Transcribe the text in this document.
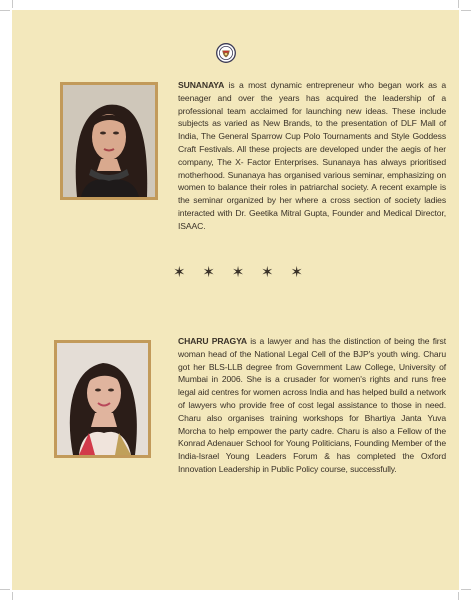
SUNANAYA is a most dynamic entrepreneur who began work as a teenager and over the years has acquired the leadership of a professional team acclaimed for launching new ideas. These include subjects as varied as New Brands, to the presentation of DLF Mall of India, The General Sparrow Cup Polo Tournaments and Style Goddess Craft Festivals. All these projects are developed under the aegis of her company, The X- Factor Enterprises. Sunanaya has always prioritised motherhood. Sunanaya has organised various seminar, emphasizing on women to balance their roles in patriarchal society. A recent example is the seminar organized by her where a cross section of society ladies interacted with Dr. Geetika Mitral Gupta, Founder and Medical Director, ISAAC.

✶ ✶ ✶ ✶ ✶

CHARU PRAGYA is a lawyer and has the distinction of being the first woman head of the National Legal Cell of the BJP's youth wing. Charu got her BLS-LLB degree from Government Law College, University of Mumbai in 2006. She is a crusader for women's rights and runs free legal aid centres for women across India and has helped build a network of lawyers who provide free of cost legal assistance to those in need. Charu also organises training workshops for Bhartiya Janta Yuva Morcha to help empower the party cadre. Charu is also a Fellow of the Konrad Adenauer School for Young Politicians, Founding Member of the India-Israel Young Leaders Forum & has completed the Oxford Innovation Leadership in Public Policy course, successfully.
